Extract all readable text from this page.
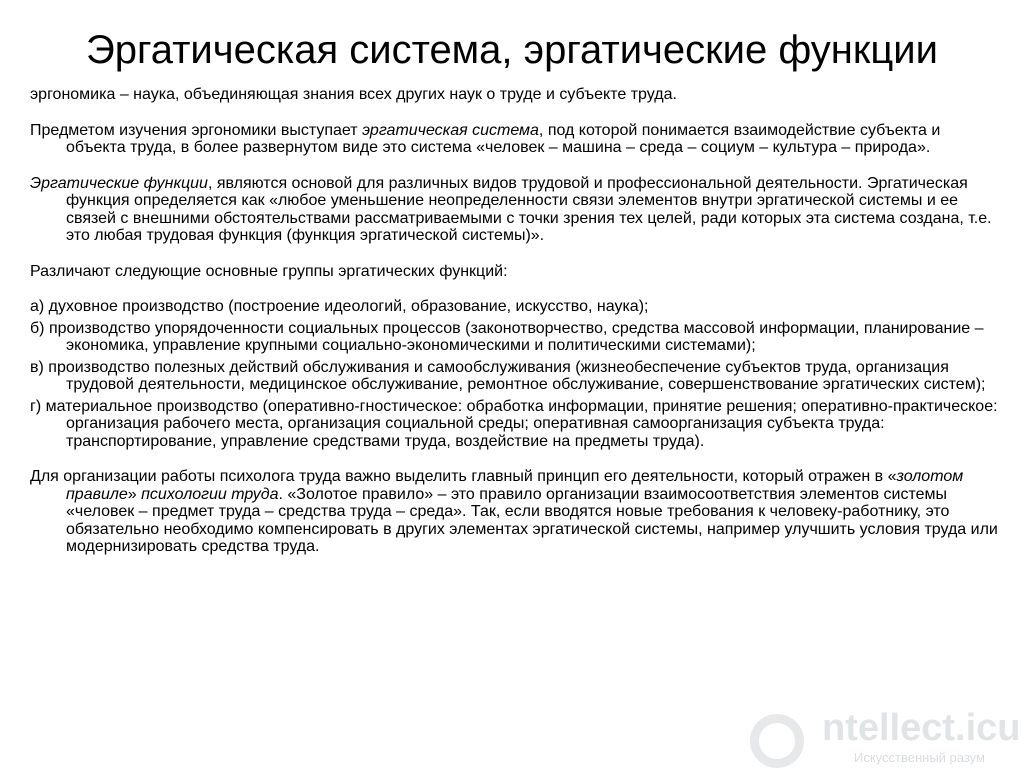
Эргатическая система, эргатические функции
эргономика – наука, объединяющая знания всех других наук о труде и субъекте труда.
Предметом изучения эргономики выступает эргатическая система, под которой понимается взаимодействие субъекта и объекта труда, в более развернутом виде это система «человек – машина – среда – социум – культура – природа».
Эргатические функции, являются основой для различных видов трудовой и профессиональной деятельности. Эргатическая функция определяется как «любое уменьшение неопределенности связи элементов внутри эргатической системы и ее связей с внешними обстоятельствами рассматриваемыми с точки зрения тех целей, ради которых эта система создана, т.е. это любая трудовая функция (функция эргатической системы)».
Различают следующие основные группы эргатических функций:
а) духовное производство (построение идеологий, образование, искусство, наука);
б) производство упорядоченности социальных процессов (законотворчество, средства массовой информации, планирование – экономика, управление крупными социально-экономическими и политическими системами);
в) производство полезных действий обслуживания и самообслуживания (жизнеобеспечение субъектов труда, организация трудовой деятельности, медицинское обслуживание, ремонтное обслуживание, совершенствование эргатических систем);
г) материальное производство (оперативно-гностическое: обработка информации, принятие решения; оперативно-практическое: организация рабочего места, организация социальной среды; оперативная самоорганизация субъекта труда: транспортирование, управление средствами труда, воздействие на предметы труда).
Для организации работы психолога труда важно выделить главный принцип его деятельности, который отражен в «золотом правиле» психологии труда. «Золотое правило» – это правило организации взаимосоответствия элементов системы «человек – предмет труда – средства труда – среда». Так, если вводятся новые требования к человеку-работнику, это обязательно необходимо компенсировать в других элементах эргатической системы, например улучшить условия труда или модернизировать средства труда.
ntellect.icu
Искусственный разум
